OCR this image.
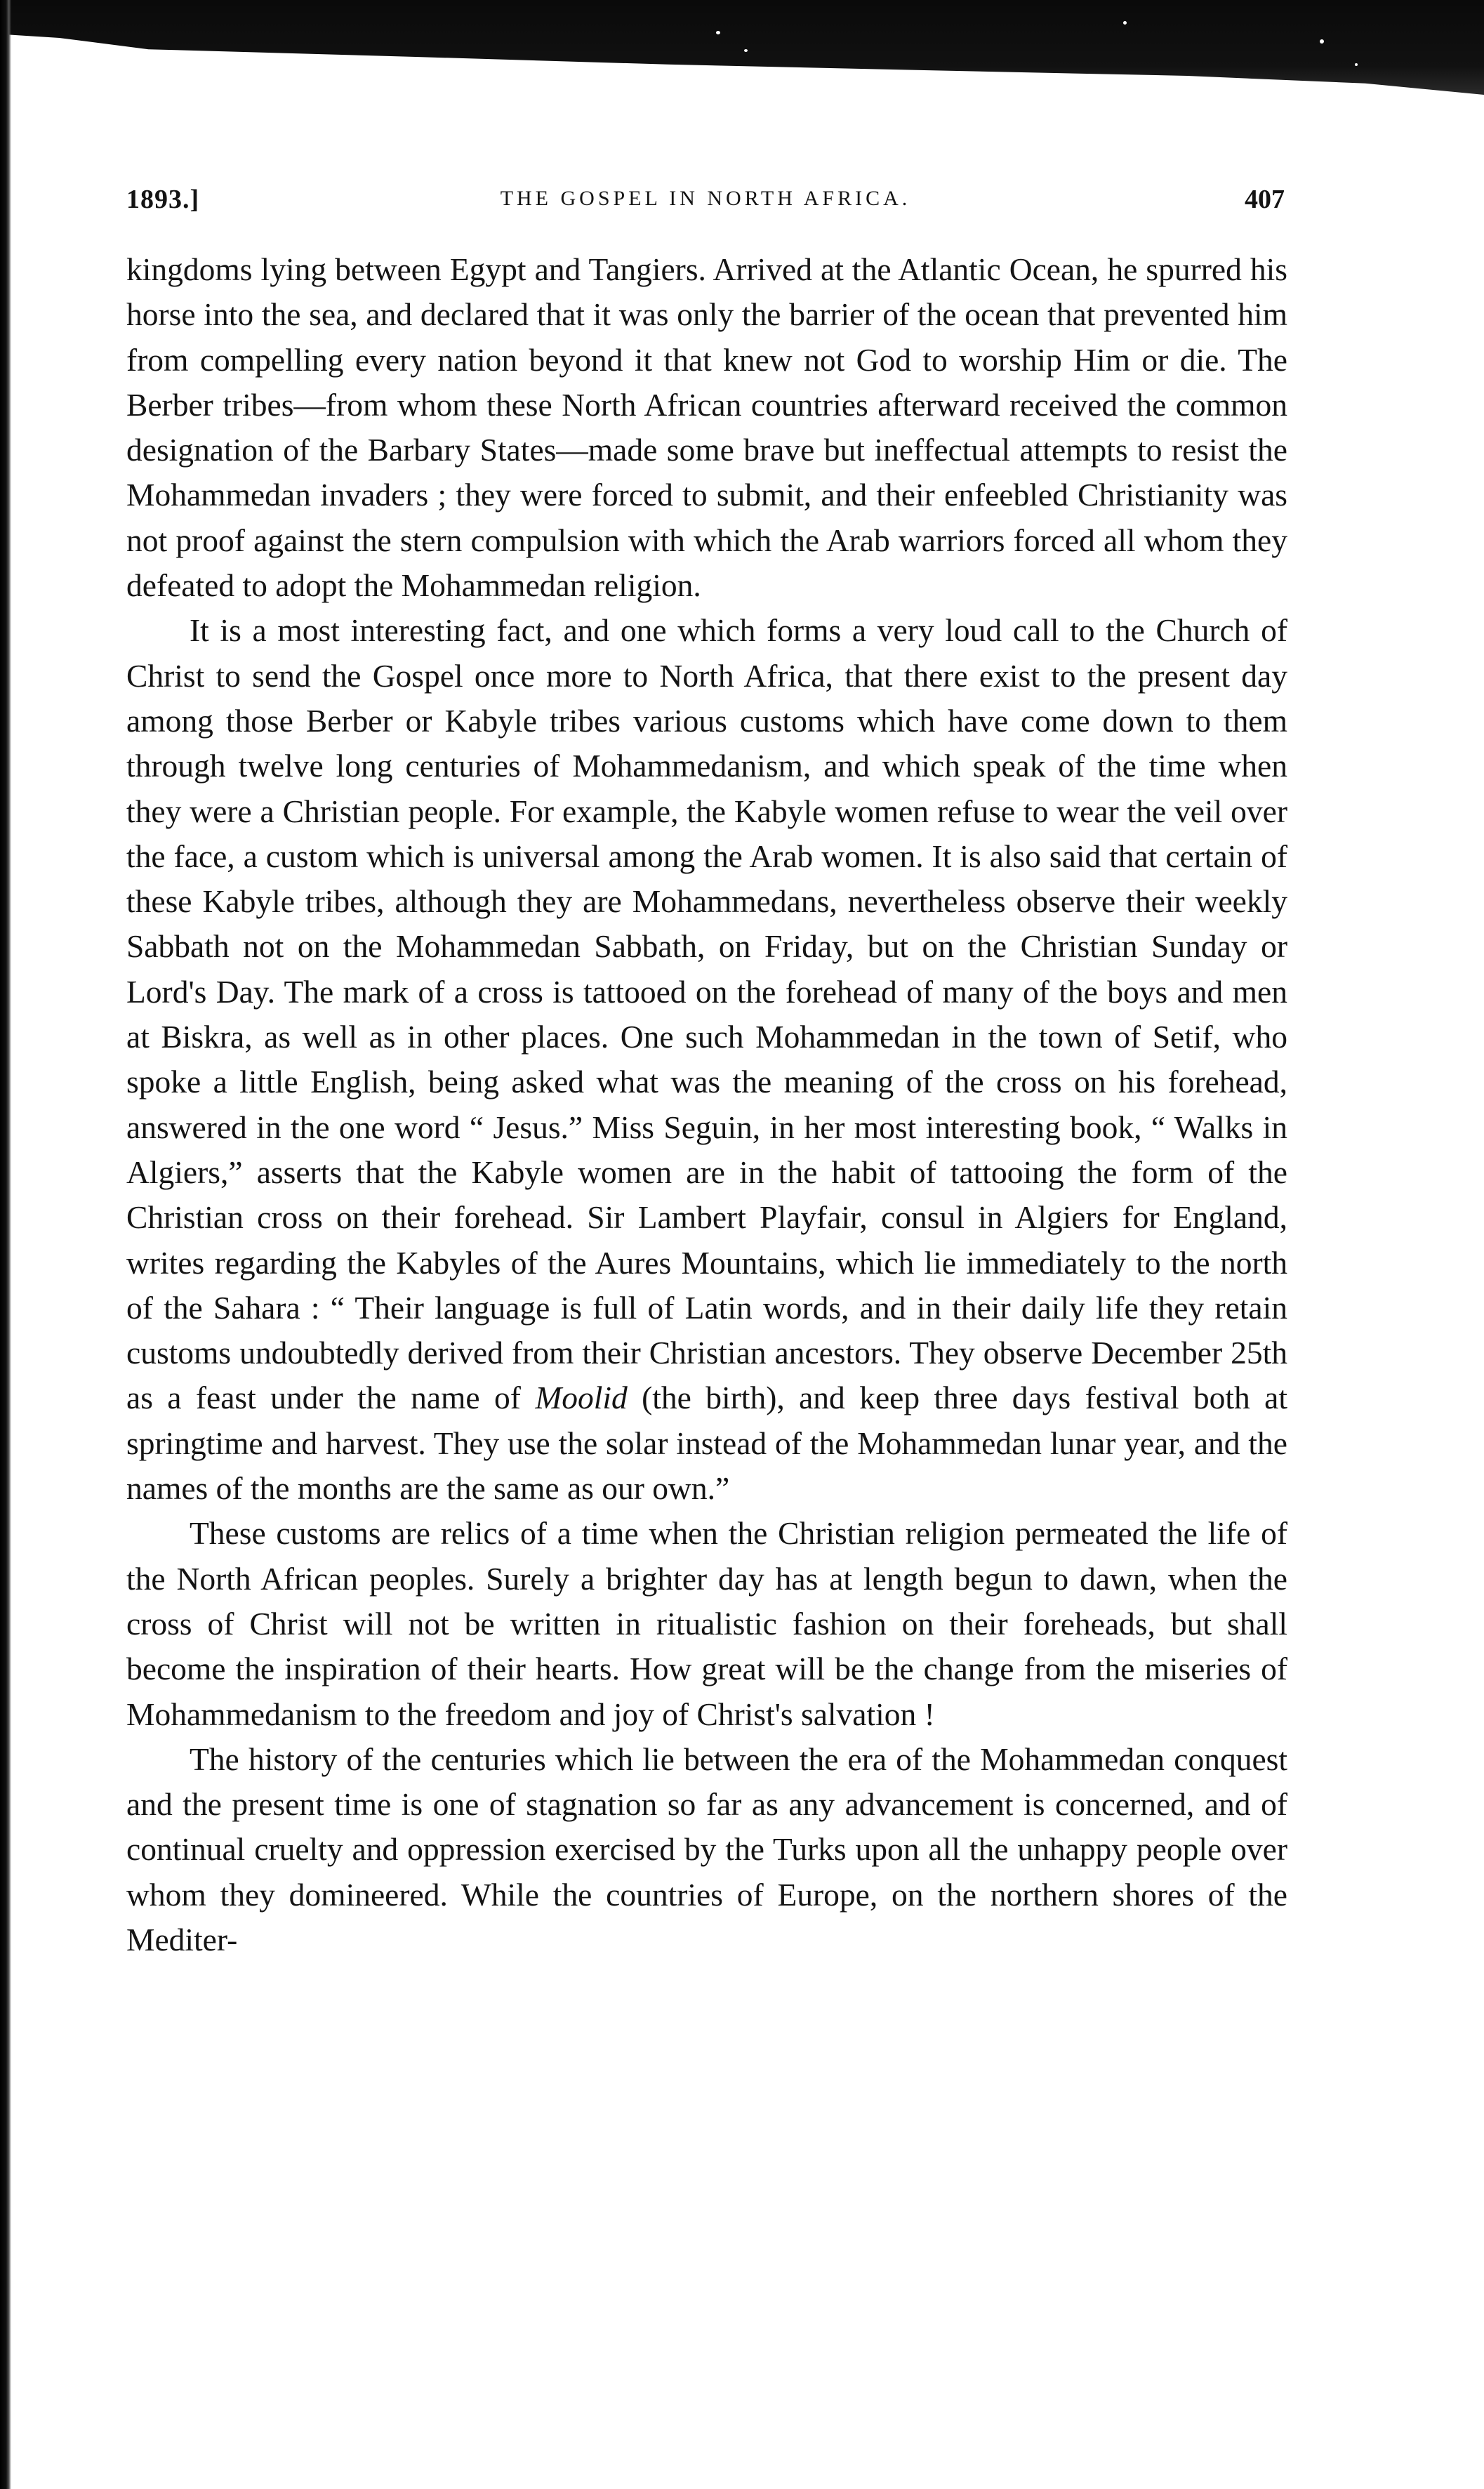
1893.]	THE GOSPEL IN NORTH AFRICA.	407

kingdoms lying between Egypt and Tangiers. Arrived at the Atlantic Ocean, he spurred his horse into the sea, and declared that it was only the barrier of the ocean that prevented him from compelling every nation beyond it that knew not God to worship Him or die. The Berber tribes—from whom these North African countries afterward received the common designation of the Barbary States—made some brave but ineffectual attempts to resist the Mohammedan invaders ; they were forced to submit, and their enfeebled Christianity was not proof against the stern compulsion with which the Arab warriors forced all whom they defeated to adopt the Mohammedan religion.

It is a most interesting fact, and one which forms a very loud call to the Church of Christ to send the Gospel once more to North Africa, that there exist to the present day among those Berber or Kabyle tribes various customs which have come down to them through twelve long centuries of Mohammedanism, and which speak of the time when they were a Christian people. For example, the Kabyle women refuse to wear the veil over the face, a custom which is universal among the Arab women. It is also said that certain of these Kabyle tribes, although they are Mohammedans, nevertheless observe their weekly Sabbath not on the Mohammedan Sabbath, on Friday, but on the Christian Sunday or Lord's Day. The mark of a cross is tattooed on the forehead of many of the boys and men at Biskra, as well as in other places. One such Mohammedan in the town of Setif, who spoke a little English, being asked what was the meaning of the cross on his forehead, answered in the one word “ Jesus.” Miss Seguin, in her most interesting book, “ Walks in Algiers,” asserts that the Kabyle women are in the habit of tattooing the form of the Christian cross on their forehead. Sir Lambert Playfair, consul in Algiers for England, writes regarding the Kabyles of the Aures Mountains, which lie immediately to the north of the Sahara : “ Their language is full of Latin words, and in their daily life they retain customs undoubtedly derived from their Christian ancestors. They observe December 25th as a feast under the name of Moolid (the birth), and keep three days festival both at springtime and harvest. They use the solar instead of the Mohammedan lunar year, and the names of the months are the same as our own.”

These customs are relics of a time when the Christian religion permeated the life of the North African peoples. Surely a brighter day has at length begun to dawn, when the cross of Christ will not be written in ritualistic fashion on their foreheads, but shall become the inspiration of their hearts. How great will be the change from the miseries of Mohammedanism to the freedom and joy of Christ's salvation !

The history of the centuries which lie between the era of the Mohammedan conquest and the present time is one of stagnation so far as any advancement is concerned, and of continual cruelty and oppression exercised by the Turks upon all the unhappy people over whom they domineered. While the countries of Europe, on the northern shores of the Mediter-
